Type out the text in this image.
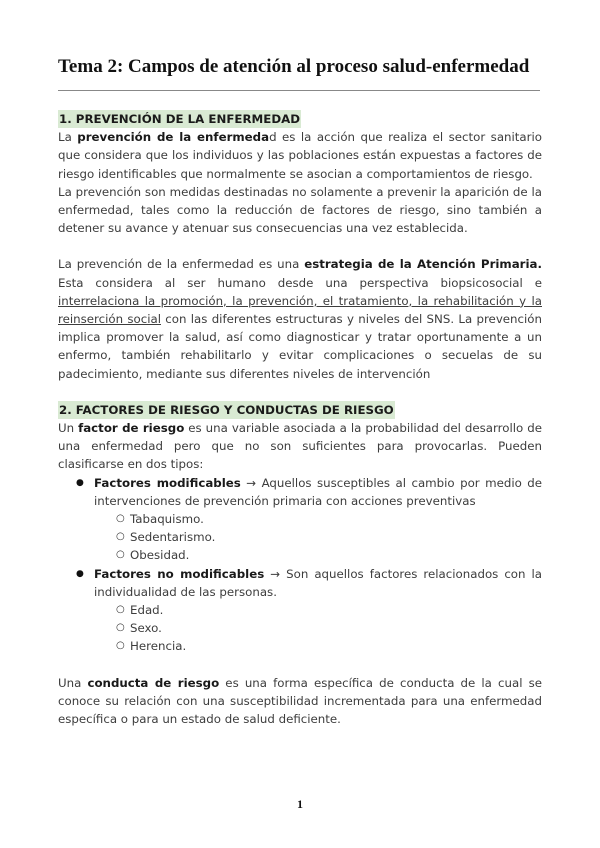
Tema 2: Campos de atención al proceso salud-enfermedad
1. PREVENCIÓN DE LA ENFERMEDAD

La prevención de la enfermedad es la acción que realiza el sector sanitario que considera que los individuos y las poblaciones están expuestas a factores de riesgo identificables que normalmente se asocian a comportamientos de riesgo.

La prevención son medidas destinadas no solamente a prevenir la aparición de la enfermedad, tales como la reducción de factores de riesgo, sino también a detener su avance y atenuar sus consecuencias una vez establecida.

La prevención de la enfermedad es una estrategia de la Atención Primaria. Esta considera al ser humano desde una perspectiva biopsicosocial e interrelaciona la promoción, la prevención, el tratamiento, la rehabilitación y la reinserción social con las diferentes estructuras y niveles del SNS. La prevención implica promover la salud, así como diagnosticar y tratar oportunamente a un enfermo, también rehabilitarlo y evitar complicaciones o secuelas de su padecimiento, mediante sus diferentes niveles de intervención

2. FACTORES DE RIESGO Y CONDUCTAS DE RIESGO

Un factor de riesgo es una variable asociada a la probabilidad del desarrollo de una enfermedad pero que no son suficientes para provocarlas. Pueden clasificarse en dos tipos:

● Factores modificables → Aquellos susceptibles al cambio por medio de intervenciones de prevención primaria con acciones preventivas
○ Tabaquismo.
○ Sedentarismo.
○ Obesidad.
● Factores no modificables → Son aquellos factores relacionados con la individualidad de las personas.
○ Edad.
○ Sexo.
○ Herencia.

Una conducta de riesgo es una forma específica de conducta de la cual se conoce su relación con una susceptibilidad incrementada para una enfermedad específica o para un estado de salud deficiente.

1
